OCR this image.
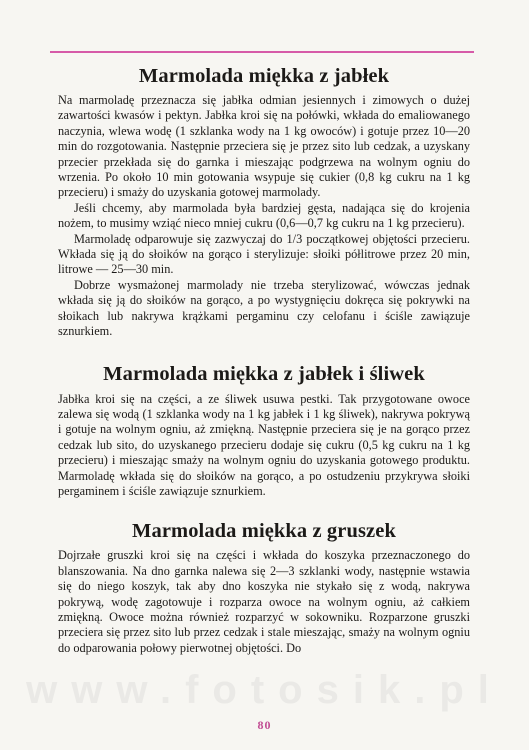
www.fotosik.pl
Marmolada miękka z jabłek

Na marmoladę przeznacza się jabłka odmian jesiennych i zimowych o dużej zawartości kwasów i pektyn. Jabłka kroi się na połówki, wkłada do emaliowanego naczynia, wlewa wodę (1 szklanka wody na 1 kg owoców) i gotuje przez 10—20 min do rozgotowania. Następnie przeciera się je przez sito lub cedzak, a uzyskany przecier przekłada się do garnka i mieszając podgrzewa na wolnym ogniu do wrzenia. Po około 10 min gotowania wsypuje się cukier (0,8 kg cukru na 1 kg przecieru) i smaży do uzyskania gotowej marmolady.

Jeśli chcemy, aby marmolada była bardziej gęsta, nadająca się do krojenia nożem, to musimy wziąć nieco mniej cukru (0,6—0,7 kg cukru na 1 kg przecieru).

Marmoladę odparowuje się zazwyczaj do 1/3 początkowej objętości przecieru. Wkłada się ją do słoików na gorąco i sterylizuje: słoiki półlitrowe przez 20 min, litrowe — 25—30 min.

Dobrze wysmażonej marmolady nie trzeba sterylizować, wówczas jednak wkłada się ją do słoików na gorąco, a po wystygnięciu dokręca się pokrywki na słoikach lub nakrywa krążkami pergaminu czy celofanu i ściśle zawiązuje sznurkiem.

Marmolada miękka z jabłek i śliwek

Jabłka kroi się na części, a ze śliwek usuwa pestki. Tak przygotowane owoce zalewa się wodą (1 szklanka wody na 1 kg jabłek i 1 kg śliwek), nakrywa pokrywą i gotuje na wolnym ogniu, aż zmiękną. Następnie przeciera się je na gorąco przez cedzak lub sito, do uzyskanego przecieru dodaje się cukru (0,5 kg cukru na 1 kg przecieru) i mieszając smaży na wolnym ogniu do uzyskania gotowego produktu. Marmoladę wkłada się do słoików na gorąco, a po ostudzeniu przykrywa słoiki pergaminem i ściśle zawiązuje sznurkiem.

Marmolada miękka z gruszek

Dojrzałe gruszki kroi się na części i wkłada do koszyka przeznaczonego do blanszowania. Na dno garnka nalewa się 2—3 szklanki wody, następnie wstawia się do niego koszyk, tak aby dno koszyka nie stykało się z wodą, nakrywa pokrywą, wodę zagotowuje i rozparza owoce na wolnym ogniu, aż całkiem zmiękną. Owoce można również rozparzyć w sokowniku. Rozparzone gruszki przeciera się przez sito lub przez cedzak i stale mieszając, smaży na wolnym ogniu do odparowania połowy pierwotnej objętości. Do

80
